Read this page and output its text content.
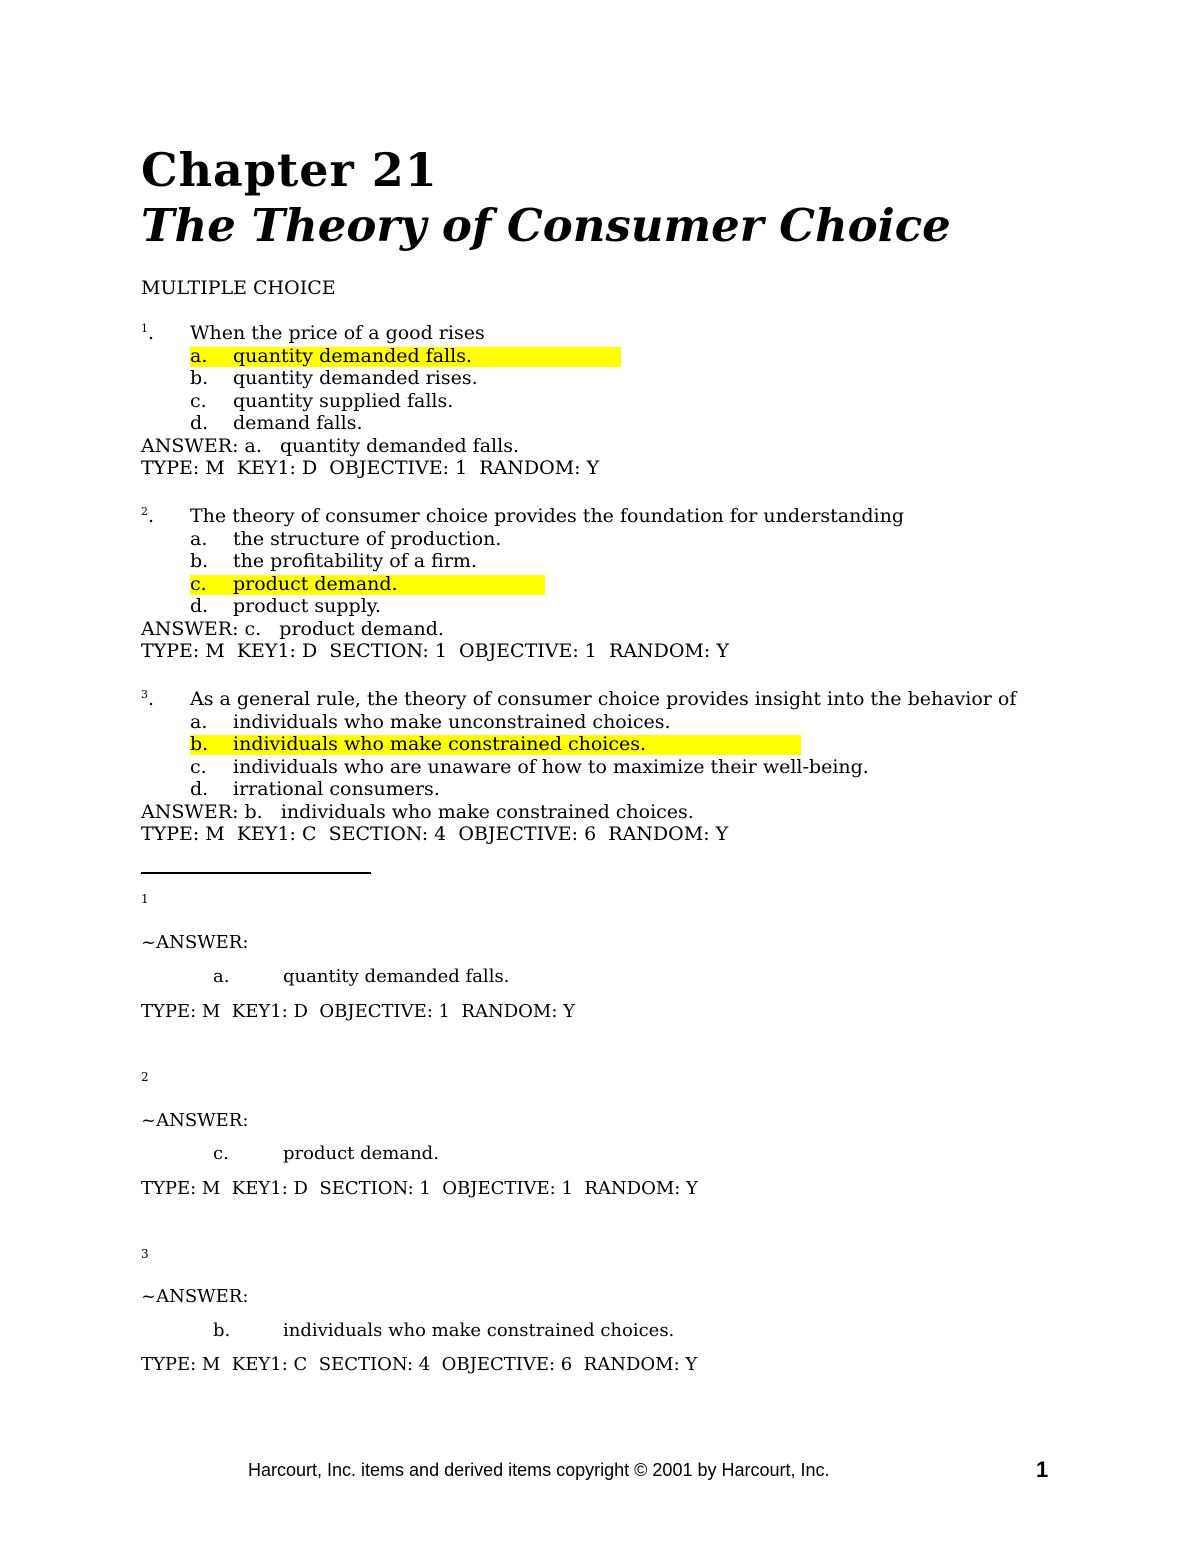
Chapter 21
The Theory of Consumer Choice
MULTIPLE CHOICE
$^1$. When the price of a good rises
a. quantity demanded falls.
b. quantity demanded rises.
c. quantity supplied falls.
d. demand falls.
ANSWER: a.   quantity demanded falls.
TYPE: M  KEY1: D  OBJECTIVE: 1  RANDOM: Y
$^2$. The theory of consumer choice provides the foundation for understanding
a. the structure of production.
b. the profitability of a firm.
c. product demand.
d. product supply.
ANSWER: c.   product demand.
TYPE: M  KEY1: D  SECTION: 1  OBJECTIVE: 1  RANDOM: Y
$^3$. As a general rule, the theory of consumer choice provides insight into the behavior of
a. individuals who make unconstrained choices.
b. individuals who make constrained choices.
c. individuals who are unaware of how to maximize their well-being.
d. irrational consumers.
ANSWER: b.   individuals who make constrained choices.
TYPE: M  KEY1: C  SECTION: 4  OBJECTIVE: 6  RANDOM: Y
1
~ANSWER:
a.	quantity demanded falls.
TYPE: M  KEY1: D  OBJECTIVE: 1  RANDOM: Y
2
~ANSWER:
c.	product demand.
TYPE: M  KEY1: D  SECTION: 1  OBJECTIVE: 1  RANDOM: Y
3
~ANSWER:
b.	individuals who make constrained choices.
TYPE: M  KEY1: C  SECTION: 4  OBJECTIVE: 6  RANDOM: Y
Harcourt, Inc. items and derived items copyright © 2001 by Harcourt, Inc.	1
